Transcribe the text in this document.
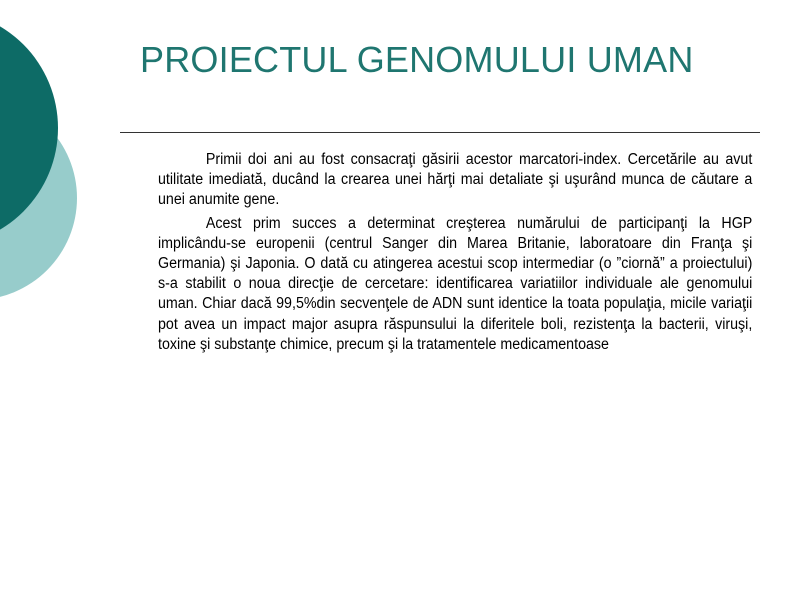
PROIECTUL GENOMULUI UMAN

Primii doi ani au fost consacraţi găsirii acestor marcatori-index. Cercetările au avut utilitate imediată, ducând la crearea unei hărţi mai detaliate şi uşurând munca de căutare a unei anumite gene.

Acest prim succes a determinat creşterea numărului de participanţi la HGP implicându-se europenii (centrul Sanger din Marea Britanie, laboratoare din Franţa şi Germania) şi Japonia. O dată cu atingerea acestui scop intermediar (o ”ciornă” a proiectului) s-a stabilit o noua direcţie de cercetare: identificarea variatiilor individuale ale genomului uman. Chiar dacă 99,5%din secvenţele de ADN sunt identice la toata populaţia, micile variaţii pot avea un impact major asupra răspunsului la diferitele boli, rezistenţa la bacterii, viruşi, toxine şi substanţe chimice, precum şi la tratamentele medicamentoase
